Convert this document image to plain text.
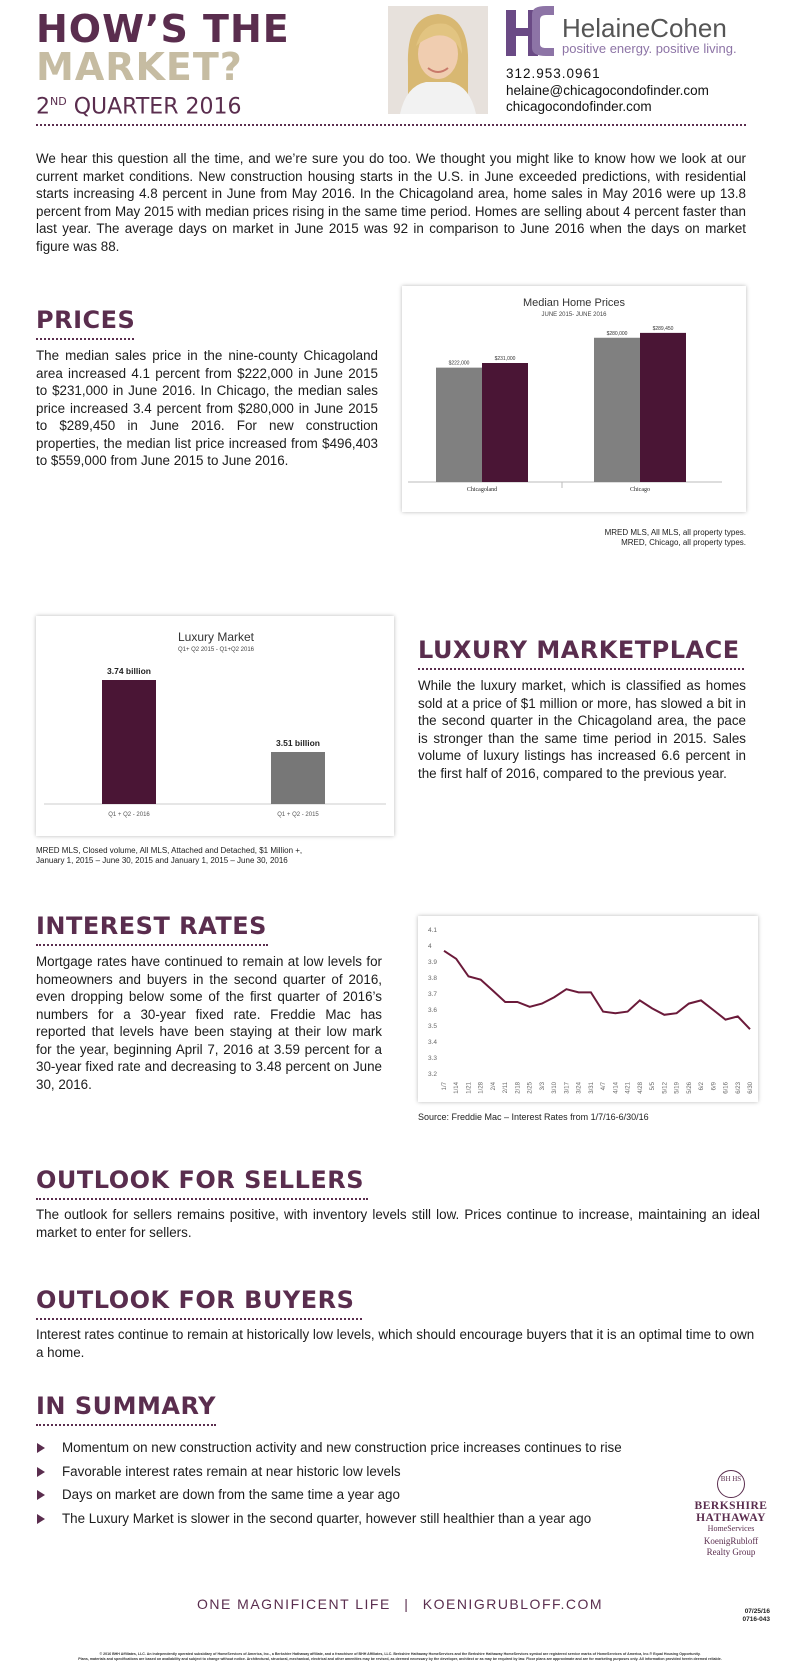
HOW’S THE
MARKET?
2ND QUARTER 2016
HelaineCohen
positive energy. positive living.
312.953.0961
helaine@chicagocondofinder.com
chicagocondofinder.com
We hear this question all the time, and we’re sure you do too. We thought you might like to know how we look at our current market conditions. New construction housing starts in the U.S. in June exceeded predictions, with residential starts increasing 4.8 percent in June from May 2016. In the Chicagoland area, home sales in May 2016 were up 13.8 percent from May 2015 with median prices rising in the same time period. Homes are selling about 4 percent faster than last year. The average days on market in June 2015 was 92 in comparison to June 2016 when the days on market figure was 88.
PRICES
The median sales price in the nine-county Chicagoland area increased 4.1 percent from $222,000 in June 2015 to $231,000 in June 2016. In Chicago, the median sales price increased 3.4 percent from $280,000 in June 2015 to $289,450 in June 2016. For new construction properties, the median list price increased from $496,403 to $559,000 from June 2015 to June 2016.
Median Home Prices
JUNE 2015- JUNE 2016
$222,000
$231,000
Chicagoland
$280,000
$289,450
Chicago
MRED MLS, All MLS, all property types.
MRED, Chicago, all property types.
Luxury Market
Q1+ Q2 2015 - Q1+Q2 2016
3.74 billion
Q1 + Q2 - 2016
3.51 billion
Q1 + Q2 - 2015
MRED MLS, Closed volume, All MLS, Attached and Detached, $1 Million +,
January 1, 2015 – June 30, 2015 and January 1, 2015 – June 30, 2016
LUXURY MARKETPLACE
While the luxury market, which is classified as homes sold at a price of $1 million or more, has slowed a bit in the second quarter in the Chicagoland area, the pace is stronger than the same time period in 2015. Sales volume of luxury listings has increased 6.6 percent in the first half of 2016, compared to the previous year.
INTEREST RATES
Mortgage rates have continued to remain at low levels for homeowners and buyers in the second quarter of 2016, even dropping below some of the first quarter of 2016’s numbers for a 30-year fixed rate. Freddie Mac has reported that levels have been staying at their low mark for the year, beginning April 7, 2016 at 3.59 percent for a 30-year fixed rate and decreasing to 3.48 percent on June 30, 2016.
3.2
3.3
3.4
3.5
3.6
3.7
3.8
3.9
4
4.1
1/7 1/14 1/21 1/28 2/4 2/11 2/18 2/25 3/3 3/10 3/17 3/24 3/31 4/7 4/14 4/21 4/28 5/5 5/12 5/19 5/26 6/2 6/9 6/16 6/23 6/30
Source: Freddie Mac – Interest Rates from 1/7/16-6/30/16
OUTLOOK FOR SELLERS
The outlook for sellers remains positive, with inventory levels still low. Prices continue to increase, maintaining an ideal market to enter for sellers.
OUTLOOK FOR BUYERS
Interest rates continue to remain at historically low levels, which should encourage buyers that it is an optimal time to own a home.
IN SUMMARY
Momentum on new construction activity and new construction price increases continues to rise
Favorable interest rates remain at near historic low levels
Days on market are down from the same time a year ago
The Luxury Market is slower in the second quarter, however still healthier than a year ago
BH HS
BERKSHIRE
HATHAWAY
HomeServices
KoenigRubloff
Realty Group
ONE MAGNIFICENT LIFE | KOENIGRUBLOFF.COM	07/25/16
0716-043
© 2016 BHH Affiliates, LLC. An independently operated subsidiary of HomeServices of America, Inc., a Berkshire Hathaway affiliate, and a franchisee of BHH Affiliates, LLC. Berkshire Hathaway HomeServices and the Berkshire Hathaway HomeServices symbol are registered service marks of HomeServices of America, Inc.® Equal Housing Opportunity.
Plans, materials and specifications are based on availability and subject to change without notice. Architectural, structural, mechanical, electrical and other amenities may be revised, as deemed necessary by the developer, architect or as may be required by law. Floor plans are approximate and are for marketing purposes only. All information provided herein deemed reliable.
